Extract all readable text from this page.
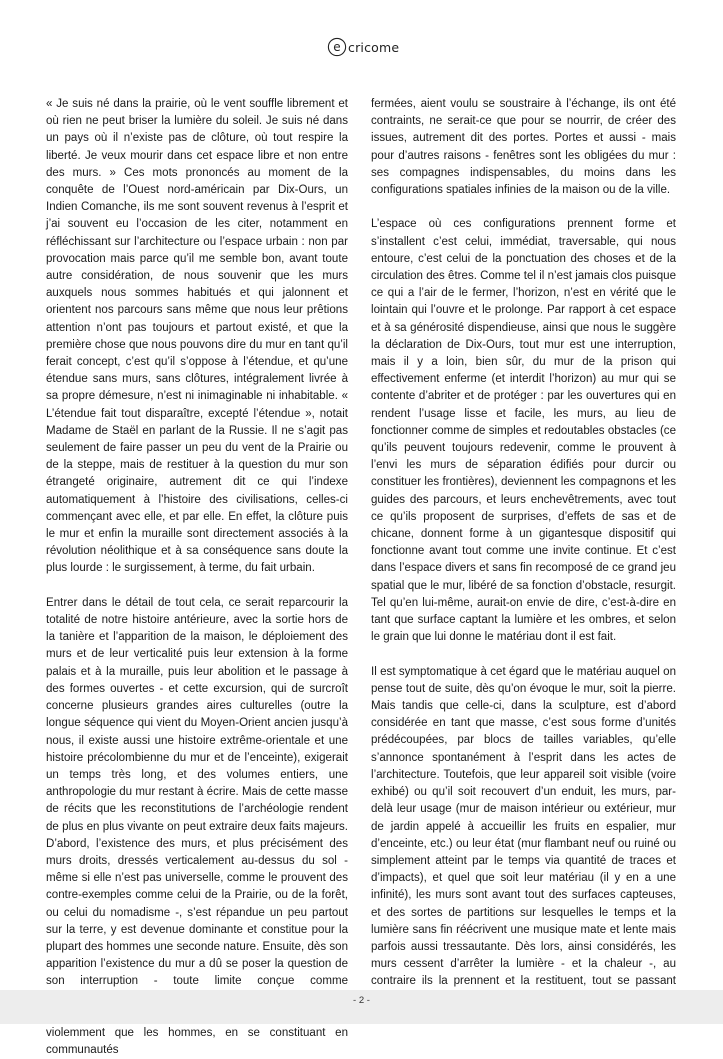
e cricome

« Je suis né dans la prairie, où le vent souffle librement et où rien ne peut briser la lumière du soleil. Je suis né dans un pays où il n’existe pas de clôture, où tout respire la liberté. Je veux mourir dans cet espace libre et non entre des murs. » Ces mots prononcés au moment de la conquête de l’Ouest nord-américain par Dix-Ours, un Indien Comanche, ils me sont souvent revenus à l’esprit et j’ai souvent eu l’occasion de les citer, notamment en réfléchissant sur l’architecture ou l’espace urbain : non par provocation mais parce qu’il me semble bon, avant toute autre considération, de nous souvenir que les murs auxquels nous sommes habitués et qui jalonnent et orientent nos parcours sans même que nous leur prêtions attention n’ont pas toujours et partout existé, et que la première chose que nous pouvons dire du mur en tant qu’il ferait concept, c’est qu’il s’oppose à l’étendue, et qu’une étendue sans murs, sans clôtures, intégralement livrée à sa propre démesure, n’est ni inimaginable ni inhabitable. « L’étendue fait tout disparaître, excepté l’étendue », notait Madame de Staël en parlant de la Russie. Il ne s’agit pas seulement de faire passer un peu du vent de la Prairie ou de la steppe, mais de restituer à la question du mur son étrangeté originaire, autrement dit ce qui l’indexe automatiquement à l’histoire des civilisations, celles-ci commençant avec elle, et par elle. En effet, la clôture puis le mur et enfin la muraille sont directement associés à la révolution néolithique et à sa conséquence sans doute la plus lourde : le surgissement, à terme, du fait urbain.

Entrer dans le détail de tout cela, ce serait reparcourir la totalité de notre histoire antérieure, avec la sortie hors de la tanière et l’apparition de la maison, le déploiement des murs et de leur verticalité puis leur extension à la forme palais et à la muraille, puis leur abolition et le passage à des formes ouvertes - et cette excursion, qui de surcroît concerne plusieurs grandes aires culturelles (outre la longue séquence qui vient du Moyen-Orient ancien jusqu’à nous, il existe aussi une histoire extrême-orientale et une histoire précolombienne du mur et de l’enceinte), exigerait un temps très long, et des volumes entiers, une anthropologie du mur restant à écrire. Mais de cette masse de récits que les reconstitutions de l’archéologie rendent de plus en plus vivante on peut extraire deux faits majeurs. D’abord, l’existence des murs, et plus précisément des murs droits, dressés verticalement au-dessus du sol - même si elle n’est pas universelle, comme le prouvent des contre-exemples comme celui de la Prairie, ou de la forêt, ou celui du nomadisme -, s’est répandue un peu partout sur la terre, y est devenue dominante et constitue pour la plupart des hommes une seconde nature. Ensuite, dès son apparition l’existence du mur a dû se poser la question de son interruption - toute limite conçue comme violemment que les hommes, en se constituant en communautés

fermées, aient voulu se soustraire à l’échange, ils ont été contraints, ne serait-ce que pour se nourrir, de créer des issues, autrement dit des portes. Portes et aussi - mais pour d’autres raisons - fenêtres sont les obligées du mur : ses compagnes indispensables, du moins dans les configurations spatiales infinies de la maison ou de la ville.

L’espace où ces configurations prennent forme et s’installent c’est celui, immédiat, traversable, qui nous entoure, c’est celui de la ponctuation des choses et de la circulation des êtres. Comme tel il n’est jamais clos puisque ce qui a l’air de le fermer, l’horizon, n’est en vérité que le lointain qui l’ouvre et le prolonge. Par rapport à cet espace et à sa générosité dispendieuse, ainsi que nous le suggère la déclaration de Dix-Ours, tout mur est une interruption, mais il y a loin, bien sûr, du mur de la prison qui effectivement enferme (et interdit l’horizon) au mur qui se contente d’abriter et de protéger : par les ouvertures qui en rendent l’usage lisse et facile, les murs, au lieu de fonctionner comme de simples et redoutables obstacles (ce qu’ils peuvent toujours redevenir, comme le prouvent à l’envi les murs de séparation édifiés pour durcir ou constituer les frontières), deviennent les compagnons et les guides des parcours, et leurs enchevêtrements, avec tout ce qu’ils proposent de surprises, d’effets de sas et de chicane, donnent forme à un gigantesque dispositif qui fonctionne avant tout comme une invite continue. Et c’est dans l’espace divers et sans fin recomposé de ce grand jeu spatial que le mur, libéré de sa fonction d’obstacle, resurgit. Tel qu’en lui-même, aurait-on envie de dire, c’est-à-dire en tant que surface captant la lumière et les ombres, et selon le grain que lui donne le matériau dont il est fait.

Il est symptomatique à cet égard que le matériau auquel on pense tout de suite, dès qu’on évoque le mur, soit la pierre. Mais tandis que celle-ci, dans la sculpture, est d’abord considérée en tant que masse, c’est sous forme d’unités prédécoupées, par blocs de tailles variables, qu’elle s’annonce spontanément à l’esprit dans les actes de l’architecture. Toutefois, que leur appareil soit visible (voire exhibé) ou qu’il soit recouvert d’un enduit, les murs, par-delà leur usage (mur de maison intérieur ou extérieur, mur de jardin appelé à accueillir les fruits en espalier, mur d’enceinte, etc.) ou leur état (mur flambant neuf ou ruiné ou simplement atteint par le temps via quantité de traces et d’impacts), et quel que soit leur matériau (il y en a une infinité), les murs sont avant tout des surfaces capteuses, et des sortes de partitions sur lesquelles le temps et la lumière sans fin réécrivent une musique mate et lente mais parfois aussi tressautante. Dès lors, ainsi considérés, les murs cessent d’arrêter la lumière - et la chaleur -, au contraire ils la prennent et la restituent, tout se passant

- 2 -
